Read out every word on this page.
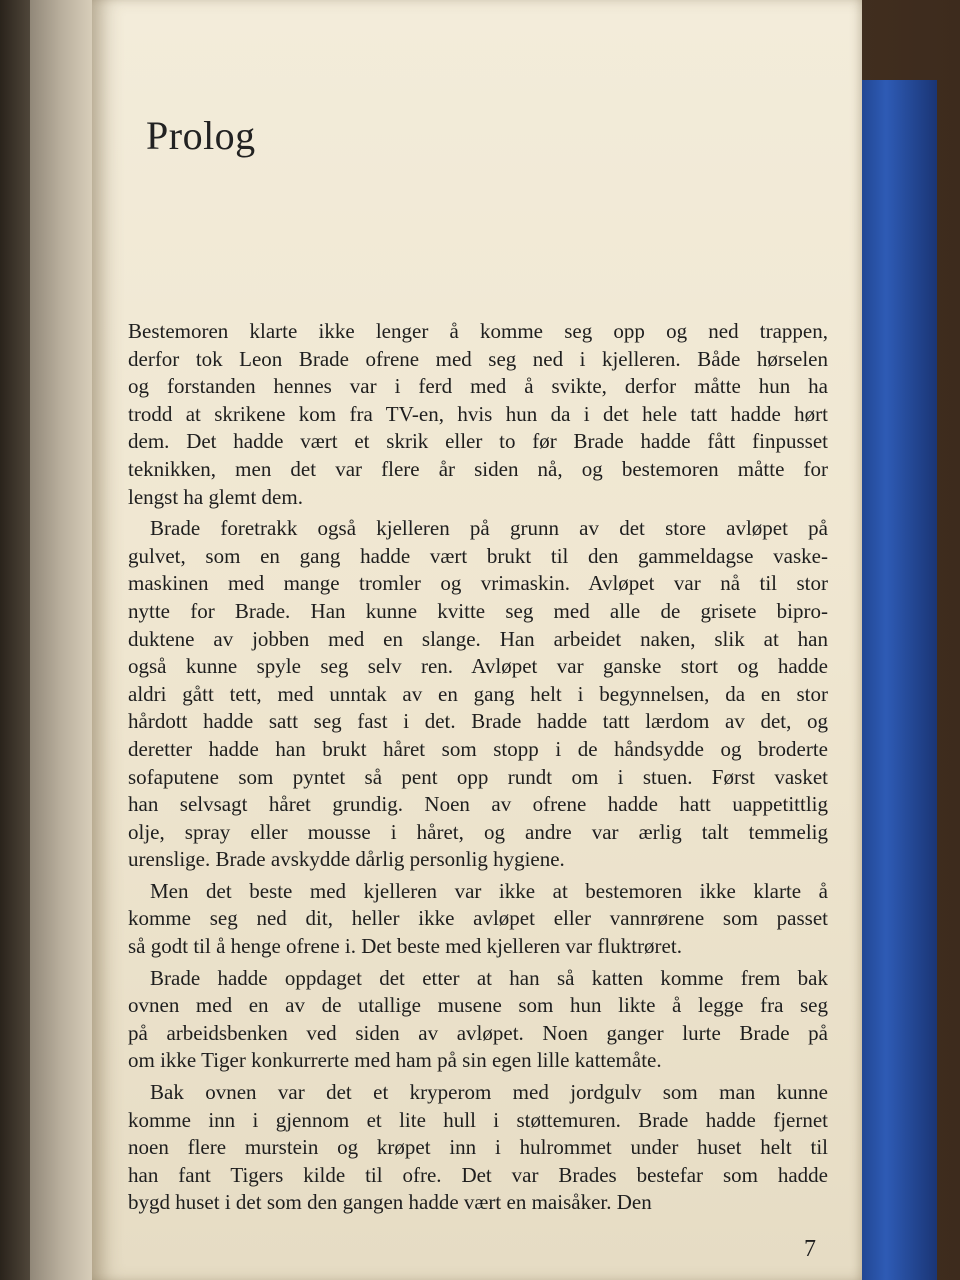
Prolog
Bestemoren klarte ikke lenger å komme seg opp og ned trappen,
derfor tok Leon Brade ofrene med seg ned i kjelleren. Både hørselen
og forstanden hennes var i ferd med å svikte, derfor måtte hun ha
trodd at skrikene kom fra TV-en, hvis hun da i det hele tatt hadde hørt
dem. Det hadde vært et skrik eller to før Brade hadde fått finpusset
teknikken, men det var flere år siden nå, og bestemoren måtte for
lengst ha glemt dem.
Brade foretrakk også kjelleren på grunn av det store avløpet på
gulvet, som en gang hadde vært brukt til den gammeldagse vaske-
maskinen med mange tromler og vrimaskin. Avløpet var nå til stor
nytte for Brade. Han kunne kvitte seg med alle de grisete bipro-
duktene av jobben med en slange. Han arbeidet naken, slik at han
også kunne spyle seg selv ren. Avløpet var ganske stort og hadde
aldri gått tett, med unntak av en gang helt i begynnelsen, da en stor
hårdott hadde satt seg fast i det. Brade hadde tatt lærdom av det, og
deretter hadde han brukt håret som stopp i de håndsydde og broderte
sofaputene som pyntet så pent opp rundt om i stuen. Først vasket
han selvsagt håret grundig. Noen av ofrene hadde hatt uappetittlig
olje, spray eller mousse i håret, og andre var ærlig talt temmelig
urenslige. Brade avskydde dårlig personlig hygiene.
Men det beste med kjelleren var ikke at bestemoren ikke klarte å
komme seg ned dit, heller ikke avløpet eller vannrørene som passet
så godt til å henge ofrene i. Det beste med kjelleren var fluktrøret.
Brade hadde oppdaget det etter at han så katten komme frem bak
ovnen med en av de utallige musene som hun likte å legge fra seg
på arbeidsbenken ved siden av avløpet. Noen ganger lurte Brade på
om ikke Tiger konkurrerte med ham på sin egen lille kattemåte.
Bak ovnen var det et kryperom med jordgulv som man kunne
komme inn i gjennom et lite hull i støttemuren. Brade hadde fjernet
noen flere murstein og krøpet inn i hulrommet under huset helt til
han fant Tigers kilde til ofre. Det var Brades bestefar som hadde
bygd huset i det som den gangen hadde vært en maisåker. Den
7
